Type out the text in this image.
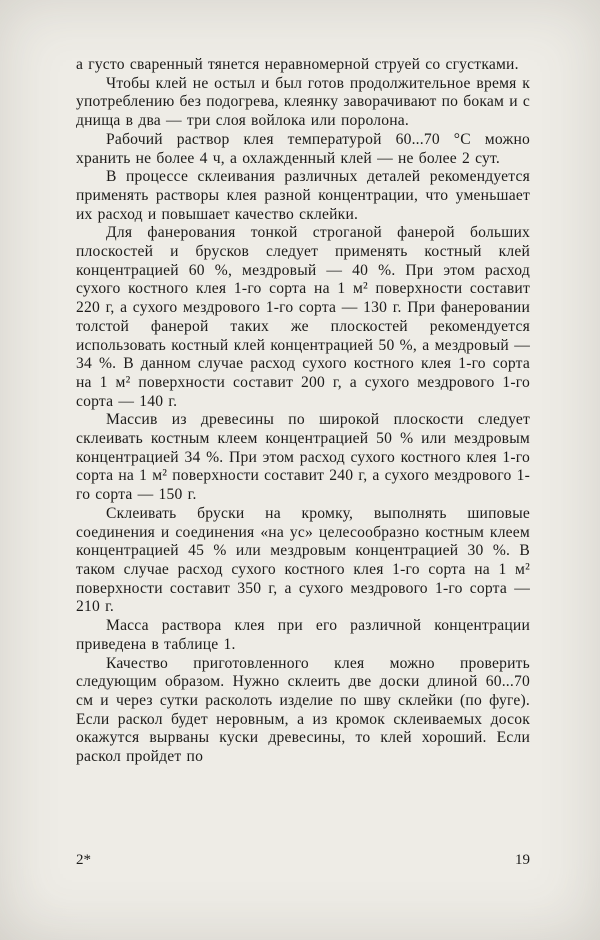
а густо сваренный тянется неравномерной струей со сгустками.

Чтобы клей не остыл и был готов продолжительное время к употреблению без подогрева, клеянку заворачивают по бокам и с днища в два — три слоя войлока или поролона.

Рабочий раствор клея температурой 60...70 °С можно хранить не более 4 ч, а охлажденный клей — не более 2 сут.

В процессе склеивания различных деталей рекомендуется применять растворы клея разной концентрации, что уменьшает их расход и повышает качество склейки.

Для фанерования тонкой строганой фанерой больших плоскостей и брусков следует применять костный клей концентрацией 60 %, мездровый — 40 %. При этом расход сухого костного клея 1-го сорта на 1 м² поверхности составит 220 г, а сухого мездрового 1-го сорта — 130 г. При фанеровании толстой фанерой таких же плоскостей рекомендуется использовать костный клей концентрацией 50 %, а мездровый — 34 %. В данном случае расход сухого костного клея 1-го сорта на 1 м² поверхности составит 200 г, а сухого мездрового 1-го сорта — 140 г.

Массив из древесины по широкой плоскости следует склеивать костным клеем концентрацией 50 % или мездровым концентрацией 34 %. При этом расход сухого костного клея 1-го сорта на 1 м² поверхности составит 240 г, а сухого мездрового 1-го сорта — 150 г.

Склеивать бруски на кромку, выполнять шиповые соединения и соединения «на ус» целесообразно костным клеем концентрацией 45 % или мездровым концентрацией 30 %. В таком случае расход сухого костного клея 1-го сорта на 1 м² поверхности составит 350 г, а сухого мездрового 1-го сорта — 210 г.

Масса раствора клея при его различной концентрации приведена в таблице 1.

Качество приготовленного клея можно проверить следующим образом. Нужно склеить две доски длиной 60...70 см и через сутки расколоть изделие по шву склейки (по фуге). Если раскол будет неровным, а из кромок склеиваемых досок окажутся вырваны куски древесины, то клей хороший. Если раскол пройдет по

2*	19
